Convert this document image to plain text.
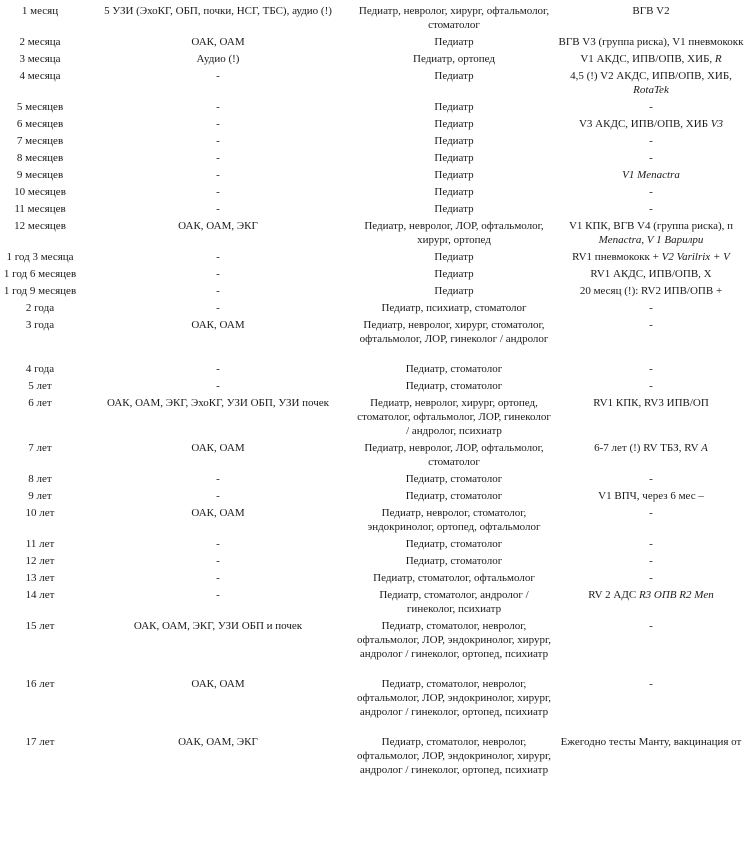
1 месяц	5 УЗИ (ЭхоКГ, ОБП, почки, НСГ, ТБС), аудио (!)	Педиатр, невролог, хирург, офтальмолог, стоматолог	ВГВ V2
2 месяца	ОАК, ОАМ	Педиатр	ВГВ V3 (группа риска), V1 пневмококк
3 месяца	Аудио (!)	Педиатр, ортопед	V1 АКДС, ИПВ/ОПВ, ХИБ, R
4 месяца	-	Педиатр	4,5 (!) V2 АКДС, ИПВ/ОПВ, ХИБ,
RotaTek
5 месяцев	-	Педиатр	-
6 месяцев	-	Педиатр	V3 АКДС, ИПВ/ОПВ, ХИБ V3
7 месяцев	-	Педиатр	-
8 месяцев	-	Педиатр	-
9 месяцев	-	Педиатр	V1 Menactra
10 месяцев	-	Педиатр	-
11 месяцев	-	Педиатр	-
12 месяцев	ОАК, ОАМ, ЭКГ	Педиатр, невролог, ЛОР, офтальмолог, хирург, ортопед	V1 КПК, ВГВ V4 (группа риска), п
Menactra, V 1 Варилри
1 год 3 месяца	-	Педиатр	RV1 пневмококк + V2 Varilrix + V
1 год 6 месяцев	-	Педиатр	RV1 АКДС, ИПВ/ОПВ, Х
1 год 9 месяцев	-	Педиатр	20 месяц (!): RV2 ИПВ/ОПВ +
2 года	-	Педиатр, психиатр, стоматолог	-
3 года	ОАК, ОАМ	Педиатр, невролог, хирург, стоматолог, офтальмолог, ЛОР, гинеколог / андролог	-
4 года	-	Педиатр, стоматолог	-
5 лет	-	Педиатр, стоматолог	-
6 лет	ОАК, ОАМ, ЭКГ, ЭхоКГ, УЗИ ОБП, УЗИ почек	Педиатр, невролог, хирург, ортопед, стоматолог, офтальмолог, ЛОР, гинеколог / андролог, психиатр	RV1 КПК, RV3 ИПВ/ОП
7 лет	ОАК, ОАМ	Педиатр, невролог, ЛОР, офтальмолог, стоматолог	6-7 лет (!) RV ТБЗ, RV А
8 лет	-	Педиатр, стоматолог	-
9 лет	-	Педиатр, стоматолог	V1 ВПЧ, через 6 мес –
10 лет	ОАК, ОАМ	Педиатр, невролог, стоматолог, эндокринолог, ортопед, офтальмолог	-
11 лет	-	Педиатр, стоматолог	-
12 лет	-	Педиатр, стоматолог	-
13 лет	-	Педиатр, стоматолог, офтальмолог	-
14 лет	-	Педиатр, стоматолог, андролог / гинеколог, психиатр	RV 2 АДС R3 ОПВ R2 Men
15 лет	ОАК, ОАМ, ЭКГ, УЗИ ОБП и почек	Педиатр, стоматолог, невролог, офтальмолог, ЛОР, эндокринолог, хирург, андролог / гинеколог, ортопед, психиатр	-
16 лет	ОАК, ОАМ	Педиатр, стоматолог, невролог, офтальмолог, ЛОР, эндокринолог, хирург, андролог / гинеколог, ортопед, психиатр	-
17 лет	ОАК, ОАМ, ЭКГ	Педиатр, стоматолог, невролог, офтальмолог, ЛОР, эндокринолог, хирург, андролог / гинеколог, ортопед, психиатр	Ежегодно тесты Манту, вакцинация от
